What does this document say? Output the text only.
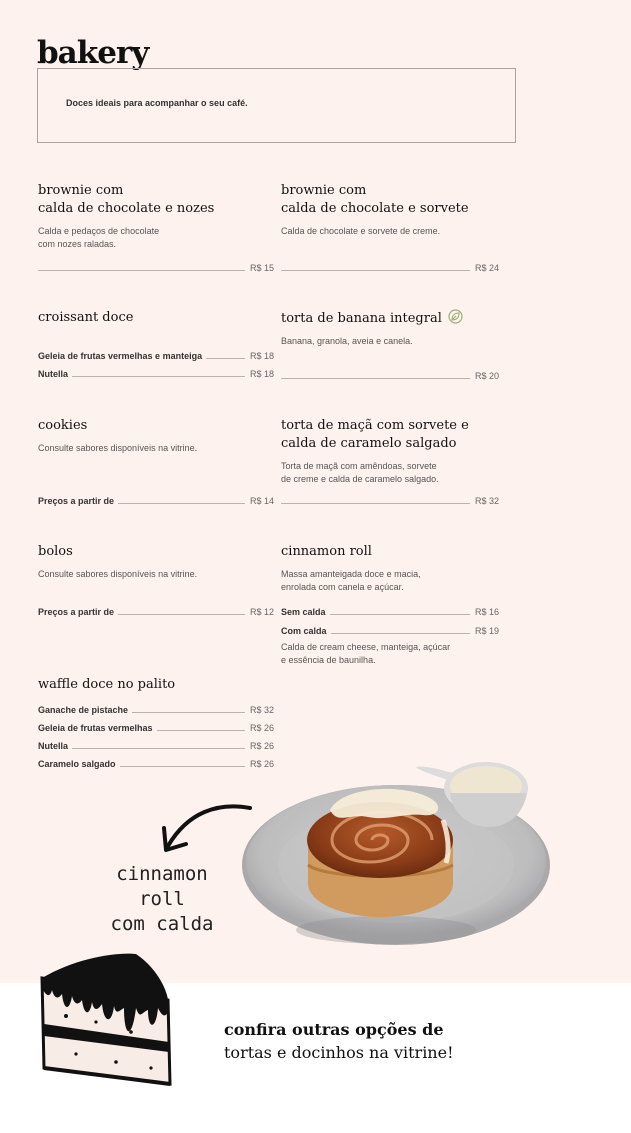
bakery
Doces ideais para acompanhar o seu café.

brownie com

calda de chocolate e nozes

Calda e pedaços de chocolate

com nozes raladas.

R$ 15

brownie com

calda de chocolate e sorvete

Calda de chocolate e sorvete de creme.

R$ 24

croissant doce

Geleia de frutas vermelhas e manteiga	R$ 18
Nutella	R$ 18

torta de banana integral

Banana, granola, aveia e canela.

R$ 20

cookies

Consulte sabores disponíveis na vitrine.

Preços a partir de	R$ 14

torta de maçã com sorvete e

calda de caramelo salgado

Torta de maçã com amêndoas, sorvete

de creme e calda de caramelo salgado.

R$ 32

bolos

Consulte sabores disponíveis na vitrine.

Preços a partir de	R$ 12

cinnamon roll

Massa amanteigada doce e macia,

enrolada com canela e açúcar.

Sem calda	R$ 16
Com calda	R$ 19

Calda de cream cheese, manteiga, açúcar

e essência de baunilha.

waffle doce no palito

Ganache de pistache	R$ 32
Geleia de frutas vermelhas	R$ 26
Nutella	R$ 26
Caramelo salgado	R$ 26
cinnamon roll
com calda
confira outras opções de
tortas e docinhos na vitrine!
